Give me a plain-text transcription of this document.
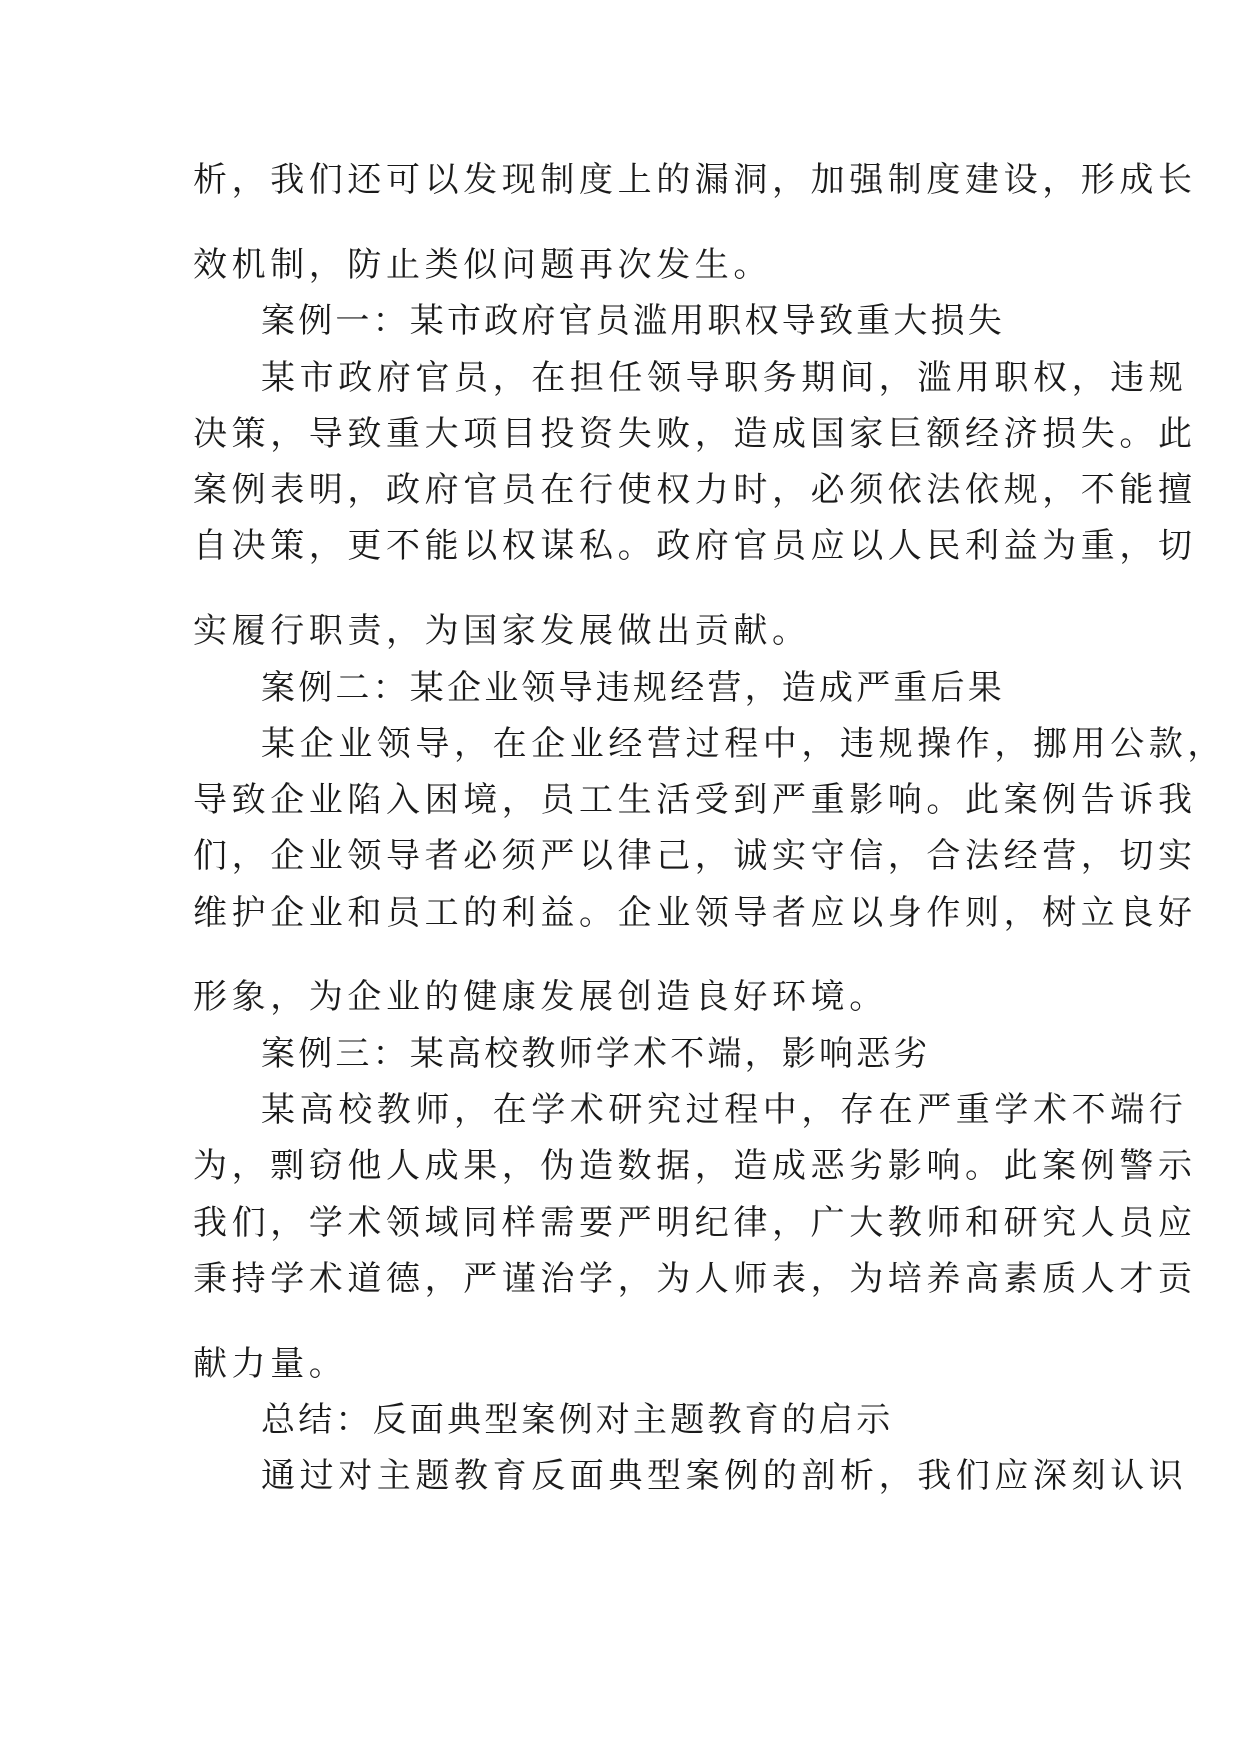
析，我们还可以发现制度上的漏洞，加强制度建设，形成长
效机制，防止类似问题再次发生。
案例一：某市政府官员滥用职权导致重大损失
某市政府官员，在担任领导职务期间，滥用职权，违规
决策，导致重大项目投资失败，造成国家巨额经济损失。此
案例表明，政府官员在行使权力时，必须依法依规，不能擅
自决策，更不能以权谋私。政府官员应以人民利益为重，切
实履行职责，为国家发展做出贡献。
案例二：某企业领导违规经营，造成严重后果
某企业领导，在企业经营过程中，违规操作，挪用公款，
导致企业陷入困境，员工生活受到严重影响。此案例告诉我
们，企业领导者必须严以律己，诚实守信，合法经营，切实
维护企业和员工的利益。企业领导者应以身作则，树立良好
形象，为企业的健康发展创造良好环境。
案例三：某高校教师学术不端，影响恶劣
某高校教师，在学术研究过程中，存在严重学术不端行
为，剽窃他人成果，伪造数据，造成恶劣影响。此案例警示
我们，学术领域同样需要严明纪律，广大教师和研究人员应
秉持学术道德，严谨治学，为人师表，为培养高素质人才贡
献力量。
总结：反面典型案例对主题教育的启示
通过对主题教育反面典型案例的剖析，我们应深刻认识
